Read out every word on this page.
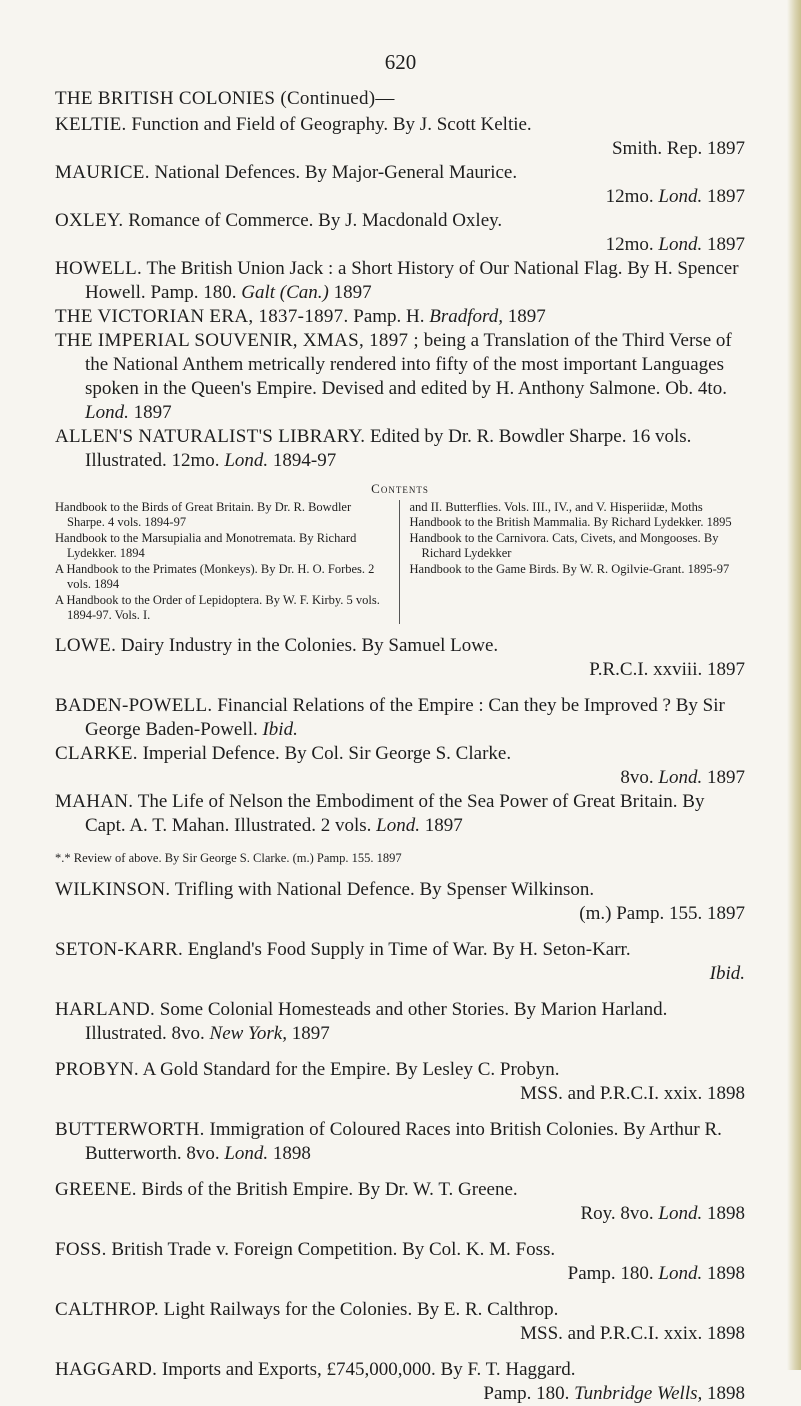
620
THE BRITISH COLONIES (Continued)—

KELTIE. Function and Field of Geography. By J. Scott Keltie.
Smith. Rep. 1897

MAURICE. National Defences. By Major-General Maurice.
12mo. Lond. 1897

OXLEY. Romance of Commerce. By J. Macdonald Oxley.
12mo. Lond. 1897

HOWELL. The British Union Jack : a Short History of Our National Flag. By H. Spencer Howell. Pamp. 180. Galt (Can.) 1897

THE VICTORIAN ERA, 1837-1897. Pamp. H. Bradford, 1897

THE IMPERIAL SOUVENIR, XMAS, 1897 ; being a Translation of the Third Verse of the National Anthem metrically rendered into fifty of the most important Languages spoken in the Queen's Empire. Devised and edited by H. Anthony Salmone. Ob. 4to. Lond. 1897

ALLEN'S NATURALIST'S LIBRARY. Edited by Dr. R. Bowdler Sharpe. 16 vols. Illustrated. 12mo. Lond. 1894-97

Contents
Handbook to the Birds of Great Britain. By Dr. R. Bowdler Sharpe. 4 vols. 1894-97
Handbook to the Marsupialia and Monotremata. By Richard Lydekker. 1894
A Handbook to the Primates (Monkeys). By Dr. H. O. Forbes. 2 vols. 1894
A Handbook to the Order of Lepidoptera. By W. F. Kirby. 5 vols. 1894-97. Vols. I.
and II. Butterflies. Vols. III., IV., and V. Hisperiidæ, Moths
Handbook to the British Mammalia. By Richard Lydekker. 1895
Handbook to the Carnivora. Cats, Civets, and Mongooses. By Richard Lydekker
Handbook to the Game Birds. By W. R. Ogilvie-Grant. 1895-97

LOWE. Dairy Industry in the Colonies. By Samuel Lowe.
P.R.C.I. xxviii. 1897

BADEN-POWELL. Financial Relations of the Empire : Can they be Improved ? By Sir George Baden-Powell. Ibid.

CLARKE. Imperial Defence. By Col. Sir George S. Clarke.
8vo. Lond. 1897

MAHAN. The Life of Nelson the Embodiment of the Sea Power of Great Britain. By Capt. A. T. Mahan. Illustrated. 2 vols. Lond. 1897

*.* Review of above. By Sir George S. Clarke. (m.) Pamp. 155. 1897

WILKINSON. Trifling with National Defence. By Spenser Wilkinson.
(m.) Pamp. 155. 1897

SETON-KARR. England's Food Supply in Time of War. By H. Seton-Karr.
Ibid.

HARLAND. Some Colonial Homesteads and other Stories. By Marion Harland. Illustrated. 8vo. New York, 1897

PROBYN. A Gold Standard for the Empire. By Lesley C. Probyn.
MSS. and P.R.C.I. xxix. 1898

BUTTERWORTH. Immigration of Coloured Races into British Colonies. By Arthur R. Butterworth. 8vo. Lond. 1898

GREENE. Birds of the British Empire. By Dr. W. T. Greene.
Roy. 8vo. Lond. 1898

FOSS. British Trade v. Foreign Competition. By Col. K. M. Foss.
Pamp. 180. Lond. 1898

CALTHROP. Light Railways for the Colonies. By E. R. Calthrop.
MSS. and P.R.C.I. xxix. 1898

HAGGARD. Imports and Exports, £745,000,000. By F. T. Haggard.
Pamp. 180. Tunbridge Wells, 1898
